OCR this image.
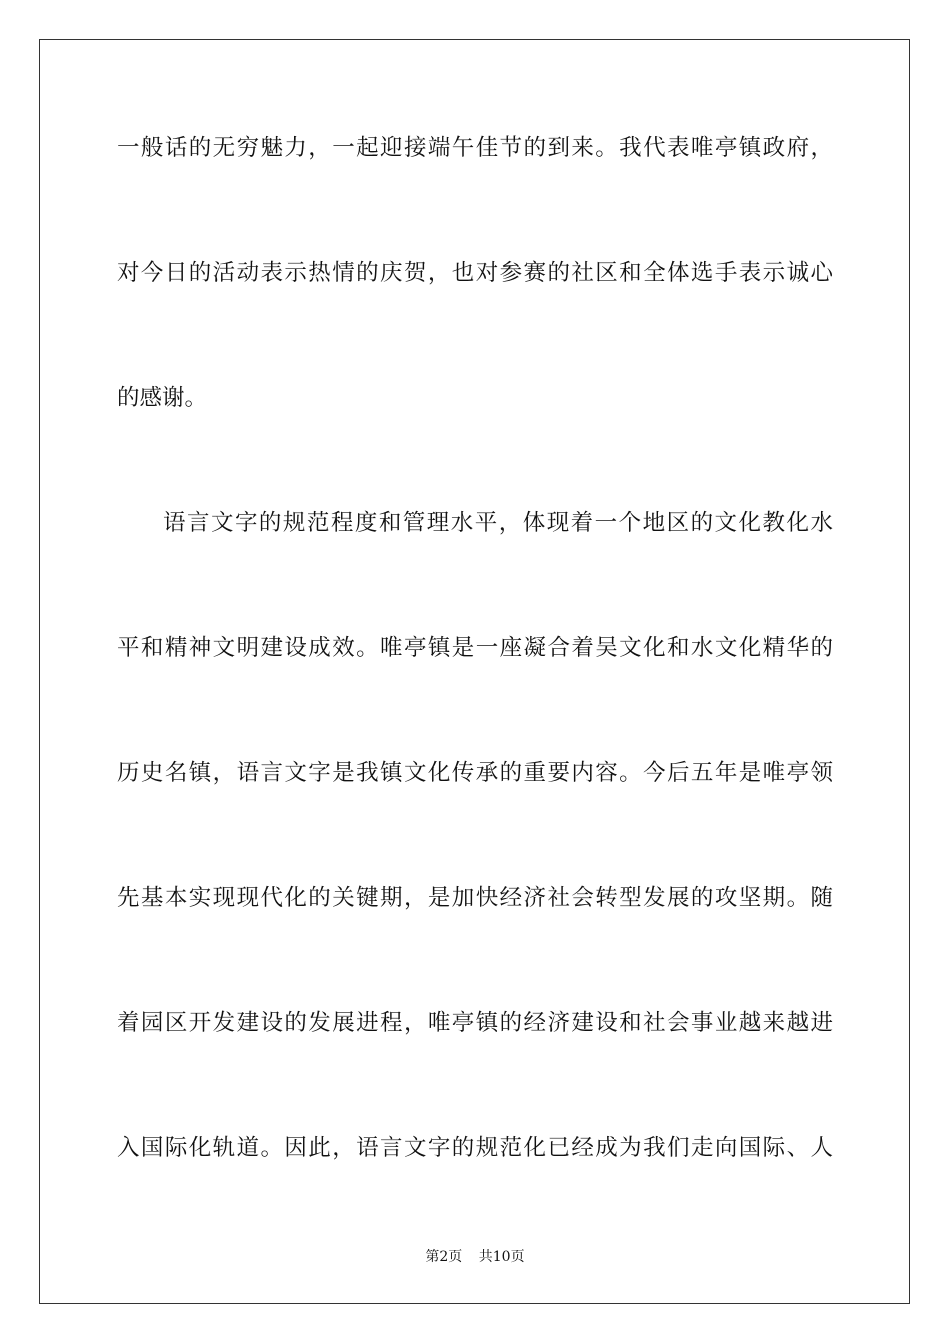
一般话的无穷魅力，一起迎接端午佳节的到来。我代表唯亭镇政府，
对今日的活动表示热情的庆贺，也对参赛的社区和全体选手表示诚心
的感谢。
语言文字的规范程度和管理水平，体现着一个地区的文化教化水
平和精神文明建设成效。唯亭镇是一座凝合着吴文化和水文化精华的
历史名镇，语言文字是我镇文化传承的重要内容。今后五年是唯亭领
先基本实现现代化的关键期，是加快经济社会转型发展的攻坚期。随
着园区开发建设的发展进程，唯亭镇的经济建设和社会事业越来越进
入国际化轨道。因此，语言文字的规范化已经成为我们走向国际、人
第2页 共10页
